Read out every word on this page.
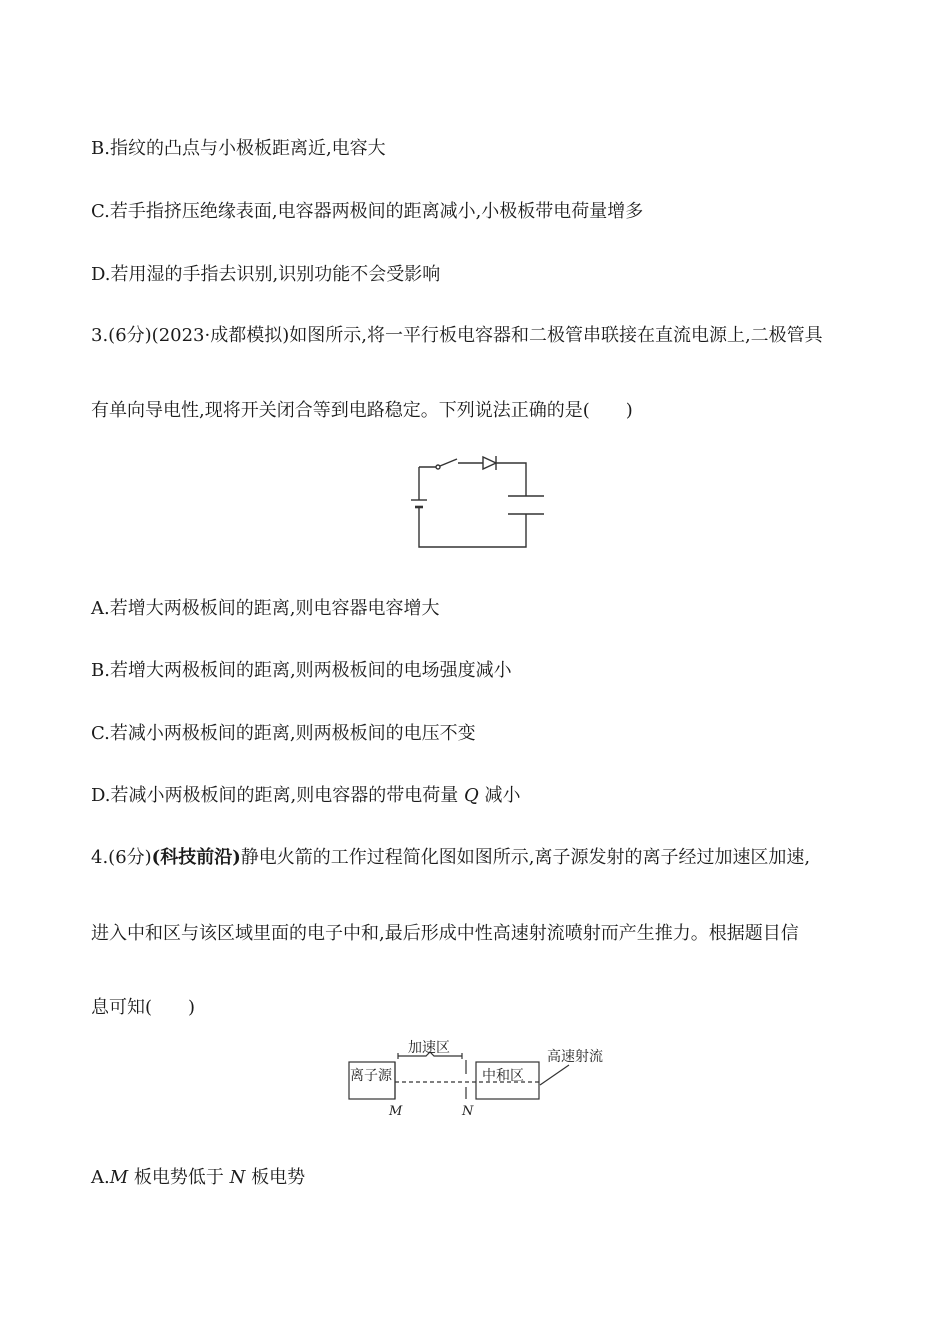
B.指纹的凸点与小极板距离近,电容大

C.若手指挤压绝缘表面,电容器两极间的距离减小,小极板带电荷量增多

D.若用湿的手指去识别,识别功能不会受影响

3.(6分)(2023·成都模拟)如图所示,将一平行板电容器和二极管串联接在直流电源上,二极管具

有单向导电性,现将开关闭合等到电路稳定。下列说法正确的是(　　)

A.若增大两极板间的距离,则电容器电容增大

B.若增大两极板间的距离,则两极板间的电场强度减小

C.若减小两极板间的距离,则两极板间的电压不变

D.若减小两极板间的距离,则电容器的带电荷量 Q 减小

4.(6分)(科技前沿)静电火箭的工作过程简化图如图所示,离子源发射的离子经过加速区加速,

进入中和区与该区域里面的电子中和,最后形成中性高速射流喷射而产生推力。根据题目信

息可知(　　)

离子源
加速区
中和区
高速射流
M	N

A.M 板电势低于 N 板电势
